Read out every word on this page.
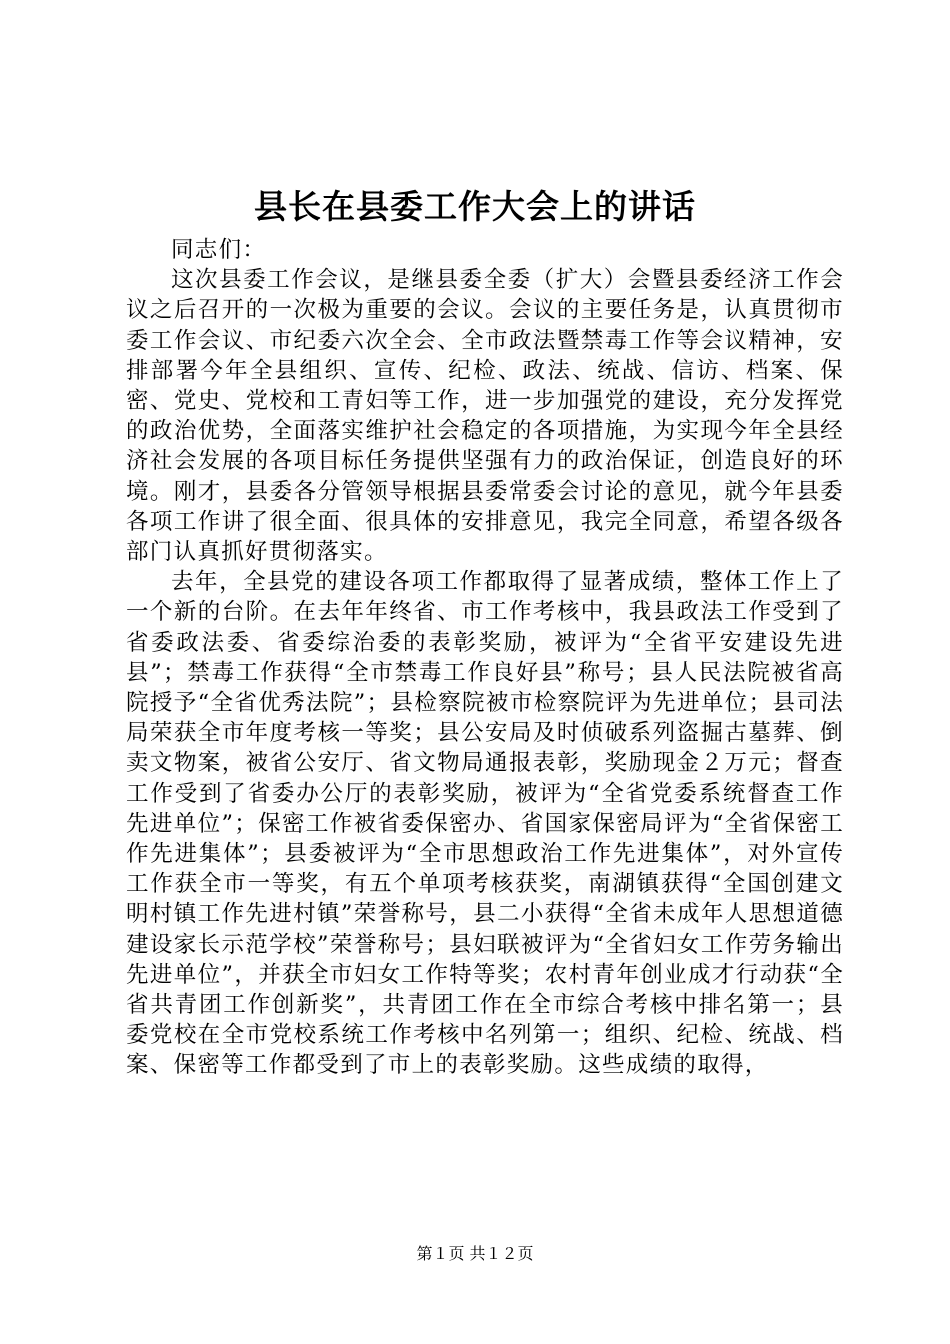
县长在县委工作大会上的讲话

同志们：

这次县委工作会议，是继县委全委（扩大）会暨县委经济工作会议之后召开的一次极为重要的会议。会议的主要任务是，认真贯彻市委工作会议、市纪委六次全会、全市政法暨禁毒工作等会议精神，安排部署今年全县组织、宣传、纪检、政法、统战、信访、档案、保密、党史、党校和工青妇等工作，进一步加强党的建设，充分发挥党的政治优势，全面落实维护社会稳定的各项措施，为实现今年全县经济社会发展的各项目标任务提供坚强有力的政治保证，创造良好的环境。刚才，县委各分管领导根据县委常委会讨论的意见，就今年县委各项工作讲了很全面、很具体的安排意见，我完全同意，希望各级各部门认真抓好贯彻落实。

去年，全县党的建设各项工作都取得了显著成绩，整体工作上了一个新的台阶。在去年年终省、市工作考核中，我县政法工作受到了省委政法委、省委综治委的表彰奖励，被评为“全省平安建设先进县”；禁毒工作获得“全市禁毒工作良好县”称号；县人民法院被省高院授予“全省优秀法院”；县检察院被市检察院评为先进单位；县司法局荣获全市年度考核一等奖；县公安局及时侦破系列盗掘古墓葬、倒卖文物案，被省公安厅、省文物局通报表彰，奖励现金２万元；督查工作受到了省委办公厅的表彰奖励，被评为“全省党委系统督查工作先进单位”；保密工作被省委保密办、省国家保密局评为“全省保密工作先进集体”；县委被评为“全市思想政治工作先进集体”，对外宣传工作获全市一等奖，有五个单项考核获奖，南湖镇获得“全国创建文明村镇工作先进村镇”荣誉称号，县二小获得“全省未成年人思想道德建设家长示范学校”荣誉称号；县妇联被评为“全省妇女工作劳务输出先进单位”，并获全市妇女工作特等奖；农村青年创业成才行动获“全省共青团工作创新奖”，共青团工作在全市综合考核中排名第一；县委党校在全市党校系统工作考核中名列第一；组织、纪检、统战、档案、保密等工作都受到了市上的表彰奖励。这些成绩的取得，

第１页 共１２页
